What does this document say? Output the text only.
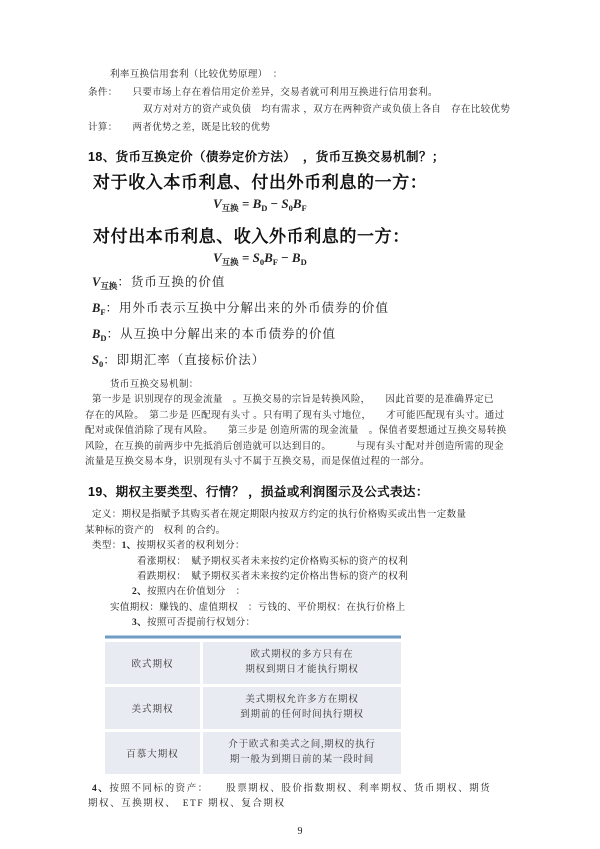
利率互换信用套利（比较优势原理）　：
条件：　　只要市场上存在着信用定价差异，交易者就可利用互换进行信用套利。
双方对对方的资产或负债　均有需求 ，双方在两种资产或负债上各自　存在比较优势
计算：　　两者优势之差，既是比较的优势
18、货币互换定价（债券定价方法）　，货币互换交易机制？；
对于收入本币利息、付出外币利息的一方：
$V_{互换} = B_D - S_0B_F$
对付出本币利息、收入外币利息的一方：
$V_{互换} = S_0B_F - B_D$
$V_{互换}$：货币互换的价值
$B_F$：用外币表示互换中分解出来的外币债券的价值
$B_D$：从互换中分解出来的本币债券的价值
$S_0$：即期汇率（直接标价法）
货币互换交易机制：
第一步是 识别现存的现金流量　。互换交易的宗旨是转换风险，　　因此首要的是准确界定已
存在的风险。　第二步是 匹配现有头寸 。只有明了现有头寸地位，　　才可能匹配现有头寸。通过
配对或保值消除了现有风险。　　第三步是 创造所需的现金流量　。保值者要想通过互换交易转换
风险，在互换的前两步中先抵消后创造就可以达到目的。　　　与现有头寸配对并创造所需的现金
流量是互换交易本身，识别现有头寸不属于互换交易，而是保值过程的一部分。
19、期权主要类型、行情？ ，损益或利润图示及公式表达：
定义：期权是指赋予其购买者在规定期限内按双方约定的执行价格购买或出售一定数量
某种标的资产的　权利 的合约。
类型：1、按期权买者的权利划分：
看涨期权：　赋予期权买者未来按约定价格购买标的资产的权利
看跌期权：　赋予期权买者未来按约定价格出售标的资产的权利
2、按照内在价值划分　：
实值期权：赚钱的、虚值期权　：亏钱的、平价期权：在执行价格上
3、按照可否提前行权划分：
欧式期权
欧式期权的多方只有在
期权到期日才能执行期权
美式期权
美式期权允许多方在期权
到期前的任何时间执行期权
百慕大期权
介于欧式和美式之间,期权的执行
期一般为到期日前的某一段时间
4、按照不同标的资产：　　股票期权、股价指数期权、利率期权、货币期权、期货
期权、互换期权、　ETF 期权、复合期权
9
